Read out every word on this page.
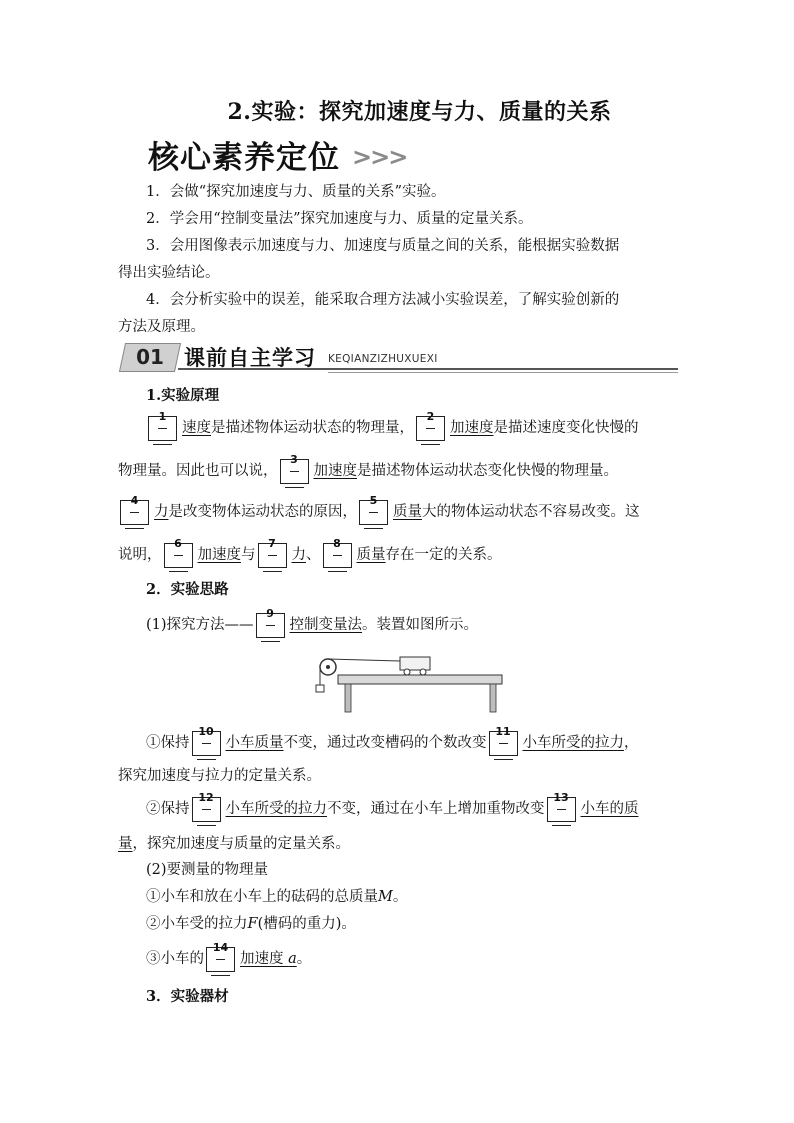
2.实验：探究加速度与力、质量的关系
核心素养定位 >>>
1．会做“探究加速度与力、质量的关系”实验。
2．学会用“控制变量法”探究加速度与力、质量的定量关系。
3．会用图像表示加速度与力、加速度与质量之间的关系，能根据实验数据
得出实验结论。
4．会分析实验中的误差，能采取合理方法减小实验误差，了解实验创新的
方法及原理。
01 课前自主学习 KEQIANZIZHUXUEXI
1.实验原理
1
速度是描述物体运动状态的物理量，
2
加速度是描述速度变化快慢的
物理量。因此也可以说，
3
加速度是描述物体运动状态变化快慢的物理量。
4
力是改变物体运动状态的原因，
5
质量大的物体运动状态不容易改变。这
说明，
6
加速度与
7
力、
8
质量存在一定的关系。
2．实验思路
(1)探究方法——
9
控制变量法。装置如图所示。
①保持
10
小车质量不变，通过改变槽码的个数改变
11
小车所受的拉力，
探究加速度与拉力的定量关系。
②保持
12
小车所受的拉力不变，通过在小车上增加重物改变
13
小车的质
量，探究加速度与质量的定量关系。
(2)要测量的物理量
①小车和放在小车上的砝码的总质量M。
②小车受的拉力F(槽码的重力)。
③小车的
14
加速度 a。
3．实验器材
